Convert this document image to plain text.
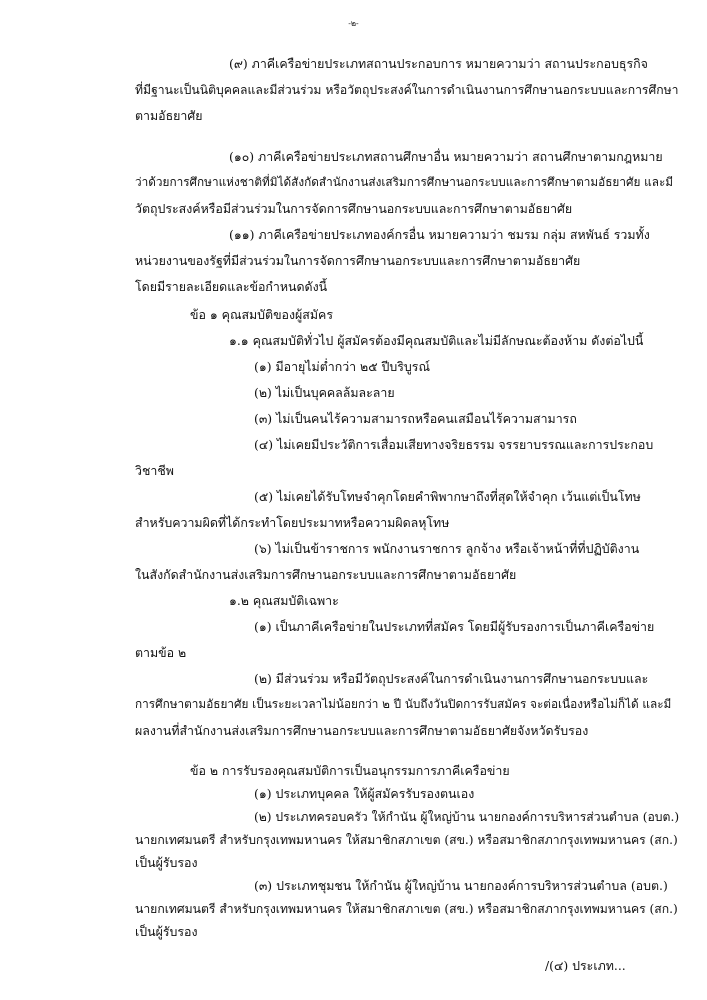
-๒-
(๙) ภาคีเครือข่ายประเภทสถานประกอบการ หมายความว่า สถานประกอบธุรกิจ
ที่มีฐานะเป็นนิติบุคคลและมีส่วนร่วม หรือวัตถุประสงค์ในการดำเนินงานการศึกษานอกระบบและการศึกษา
ตามอัธยาศัย
(๑๐) ภาคีเครือข่ายประเภทสถานศึกษาอื่น หมายความว่า สถานศึกษาตามกฎหมาย
ว่าด้วยการศึกษาแห่งชาติที่มิได้สังกัดสำนักงานส่งเสริมการศึกษานอกระบบและการศึกษาตามอัธยาศัย และมี
วัตถุประสงค์หรือมีส่วนร่วมในการจัดการศึกษานอกระบบและการศึกษาตามอัธยาศัย
(๑๑) ภาคีเครือข่ายประเภทองค์กรอื่น หมายความว่า ชมรม กลุ่ม สหพันธ์ รวมทั้ง
หน่วยงานของรัฐที่มีส่วนร่วมในการจัดการศึกษานอกระบบและการศึกษาตามอัธยาศัย
โดยมีรายละเอียดและข้อกำหนดดังนี้
ข้อ ๑ คุณสมบัติของผู้สมัคร
๑.๑ คุณสมบัติทั่วไป ผู้สมัครต้องมีคุณสมบัติและไม่มีลักษณะต้องห้าม ดังต่อไปนี้
(๑) มีอายุไม่ต่ำกว่า ๒๕ ปีบริบูรณ์
(๒) ไม่เป็นบุคคลล้มละลาย
(๓) ไม่เป็นคนไร้ความสามารถหรือคนเสมือนไร้ความสามารถ
(๔) ไม่เคยมีประวัติการเสื่อมเสียทางจริยธรรม จรรยาบรรณและการประกอบ
วิชาชีพ
(๕) ไม่เคยได้รับโทษจำคุกโดยคำพิพากษาถึงที่สุดให้จำคุก เว้นแต่เป็นโทษ
สำหรับความผิดที่ได้กระทำโดยประมาทหรือความผิดลหุโทษ
(๖) ไม่เป็นข้าราชการ พนักงานราชการ ลูกจ้าง หรือเจ้าหน้าที่ที่ปฏิบัติงาน
ในสังกัดสำนักงานส่งเสริมการศึกษานอกระบบและการศึกษาตามอัธยาศัย
๑.๒ คุณสมบัติเฉพาะ
(๑) เป็นภาคีเครือข่ายในประเภทที่สมัคร โดยมีผู้รับรองการเป็นภาคีเครือข่าย
ตามข้อ ๒
(๒) มีส่วนร่วม หรือมีวัตถุประสงค์ในการดำเนินงานการศึกษานอกระบบและ
การศึกษาตามอัธยาศัย เป็นระยะเวลาไม่น้อยกว่า ๒ ปี นับถึงวันปิดการรับสมัคร จะต่อเนื่องหรือไม่ก็ได้ และมี
ผลงานที่สำนักงานส่งเสริมการศึกษานอกระบบและการศึกษาตามอัธยาศัยจังหวัดรับรอง
ข้อ ๒ การรับรองคุณสมบัติการเป็นอนุกรรมการภาคีเครือข่าย
(๑) ประเภทบุคคล ให้ผู้สมัครรับรองตนเอง
(๒) ประเภทครอบครัว ให้กำนัน ผู้ใหญ่บ้าน นายกองค์การบริหารส่วนตำบล (อบต.)
นายกเทศมนตรี สำหรับกรุงเทพมหานคร ให้สมาชิกสภาเขต (สข.) หรือสมาชิกสภากรุงเทพมหานคร (สก.)
เป็นผู้รับรอง
(๓) ประเภทชุมชน ให้กำนัน ผู้ใหญ่บ้าน นายกองค์การบริหารส่วนตำบล (อบต.)
นายกเทศมนตรี สำหรับกรุงเทพมหานคร ให้สมาชิกสภาเขต (สข.) หรือสมาชิกสภากรุงเทพมหานคร (สก.)
เป็นผู้รับรอง
/(๔) ประเภท...
